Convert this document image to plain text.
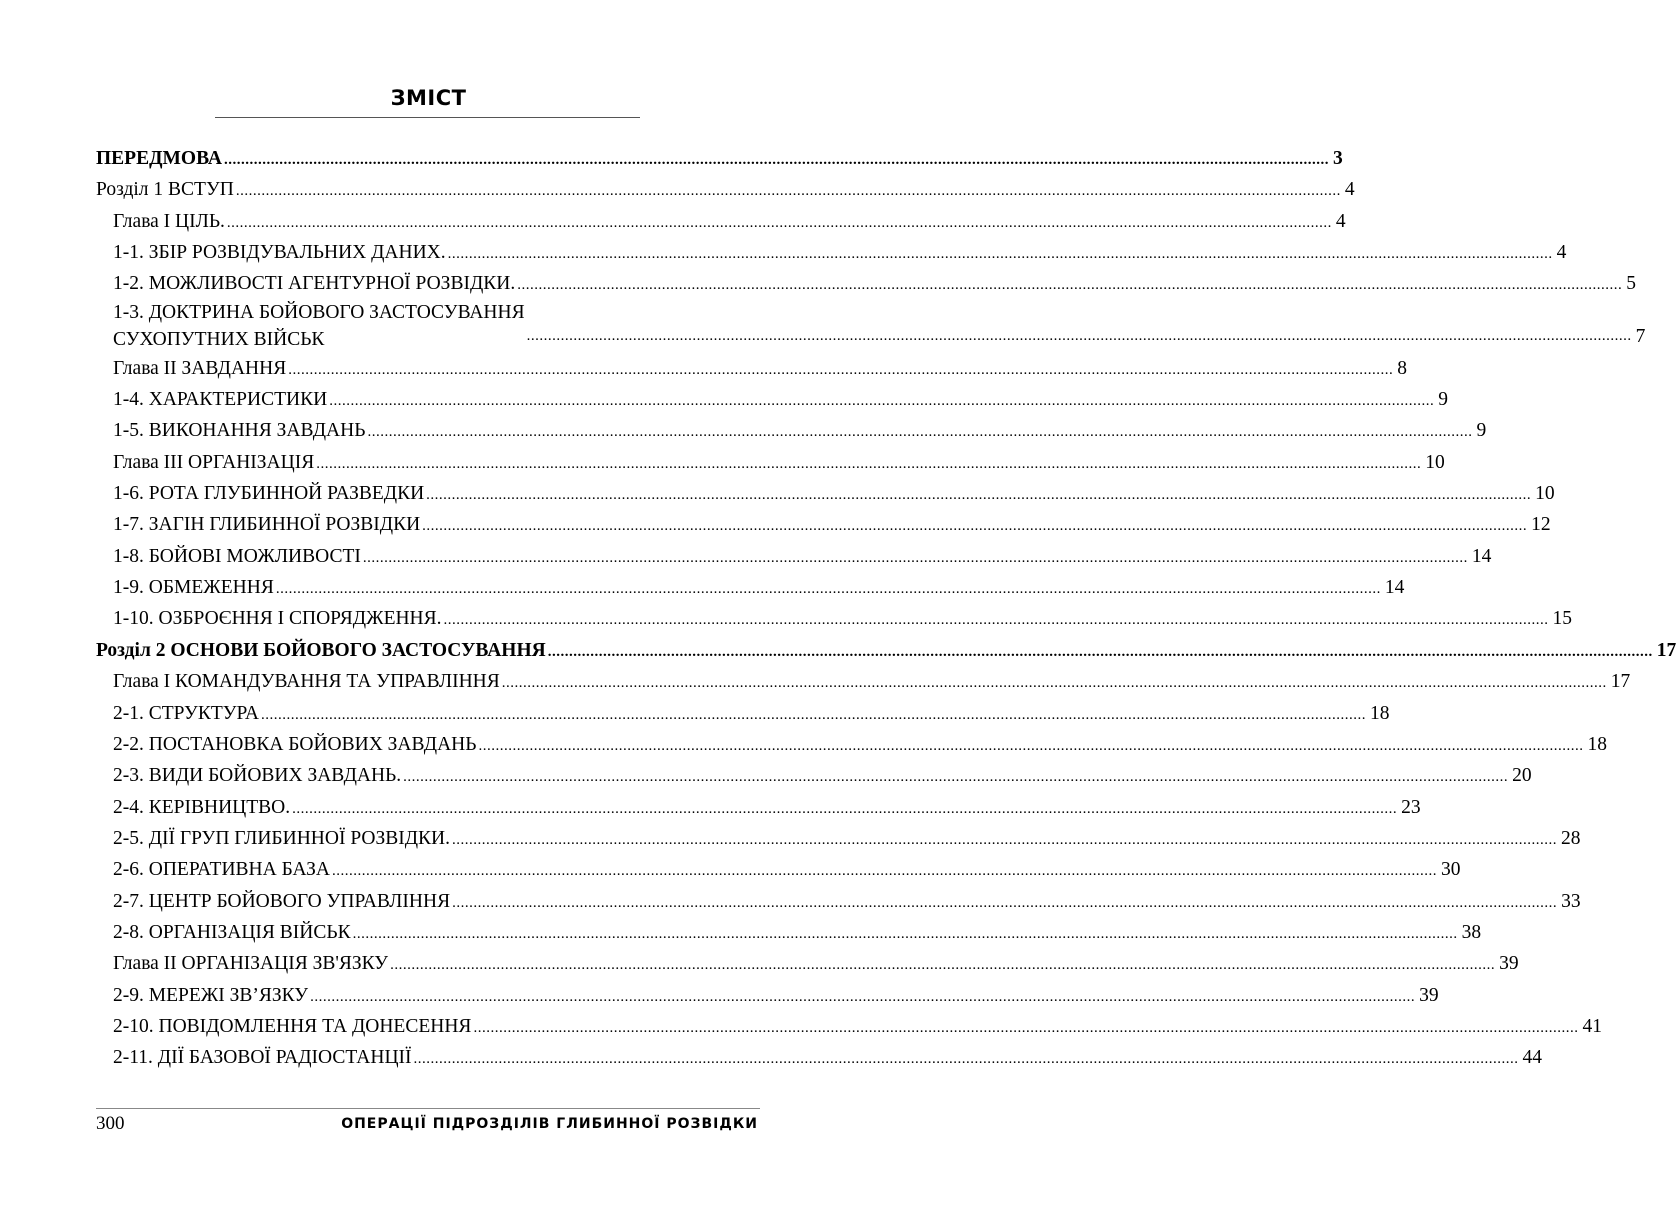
ЗМІСТ
ПЕРЕДМОВА .................................................................................................................................................................................................................................................................... 3
Розділ 1 ВСТУП .................................................................................................................................................................................................................................................................... 4
Глава І ЦІЛЬ. .................................................................................................................................................................................................................................................................... 4
1-1. ЗБІР РОЗВІДУВАЛЬНИХ ДАНИХ. .................................................................................................................................................................................................................................................................... 4
1-2. МОЖЛИВОСТІ АГЕНТУРНОЇ РОЗВІДКИ. .................................................................................................................................................................................................................................................................... 5
1-3. ДОКТРИНА БОЙОВОГО ЗАСТОСУВАННЯ
СУХОПУТНИХ ВІЙСЬК	.................................................................................................................................................................................................................................................................... 7
Глава ІІ ЗАВДАННЯ .................................................................................................................................................................................................................................................................... 8
1-4. ХАРАКТЕРИСТИКИ .................................................................................................................................................................................................................................................................... 9
1-5. ВИКОНАННЯ ЗАВДАНЬ .................................................................................................................................................................................................................................................................... 9
Глава ІІІ ОРГАНІЗАЦІЯ .................................................................................................................................................................................................................................................................... 10
1-6. РОТА ГЛУБИННОЙ РАЗВЕДКИ .................................................................................................................................................................................................................................................................... 10
1-7. ЗАГІН ГЛИБИННОЇ РОЗВІДКИ .................................................................................................................................................................................................................................................................... 12
1-8. БОЙОВІ МОЖЛИВОСТІ .................................................................................................................................................................................................................................................................... 14
1-9. ОБМЕЖЕННЯ .................................................................................................................................................................................................................................................................... 14
1-10. ОЗБРОЄННЯ І СПОРЯДЖЕННЯ. .................................................................................................................................................................................................................................................................... 15
Розділ 2 ОСНОВИ БОЙОВОГО ЗАСТОСУВАННЯ .................................................................................................................................................................................................................................................................... 17
Глава І КОМАНДУВАННЯ ТА УПРАВЛІННЯ .................................................................................................................................................................................................................................................................... 17
2-1. СТРУКТУРА .................................................................................................................................................................................................................................................................... 18
2-2. ПОСТАНОВКА БОЙОВИХ ЗАВДАНЬ .................................................................................................................................................................................................................................................................... 18
2-3. ВИДИ БОЙОВИХ ЗАВДАНЬ. .................................................................................................................................................................................................................................................................... 20
2-4. КЕРІВНИЦТВО. .................................................................................................................................................................................................................................................................... 23
2-5. ДІЇ ГРУП ГЛИБИННОЇ РОЗВІДКИ. .................................................................................................................................................................................................................................................................... 28
2-6. ОПЕРАТИВНА БАЗА .................................................................................................................................................................................................................................................................... 30
2-7. ЦЕНТР БОЙОВОГО УПРАВЛІННЯ .................................................................................................................................................................................................................................................................... 33
2-8. ОРГАНІЗАЦІЯ ВІЙСЬК .................................................................................................................................................................................................................................................................... 38
Глава ІІ ОРГАНІЗАЦІЯ ЗВ'ЯЗКУ .................................................................................................................................................................................................................................................................... 39
2-9. МЕРЕЖІ ЗВ’ЯЗКУ .................................................................................................................................................................................................................................................................... 39
2-10. ПОВІДОМЛЕННЯ ТА ДОНЕСЕННЯ .................................................................................................................................................................................................................................................................... 41
2-11. ДІЇ БАЗОВОЇ РАДІОСТАНЦІЇ .................................................................................................................................................................................................................................................................... 44
300	ОПЕРАЦІЇ ПІДРОЗДІЛІВ ГЛИБИННОЇ РОЗВІДКИ
